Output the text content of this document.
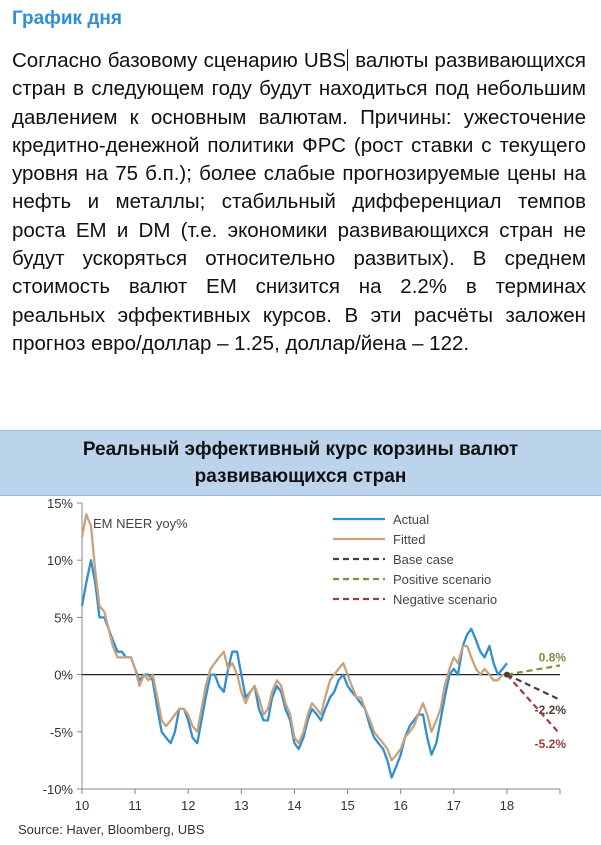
График дня
Согласно базовому сценарию UBS валюты развивающихся стран в следующем году будут находиться под небольшим давлением к основным валютам. Причины: ужесточение кредитно-денежной политики ФРС (рост ставки с текущего уровня на 75 б.п.); более слабые прогнозируемые цены на нефть и металлы; стабильный дифференциал темпов роста EM и DM (т.е. экономики развивающихся стран не будут ускоряться относительно развитых). В среднем стоимость валют EM снизится на 2.2% в терминах реальных эффективных курсов. В эти расчёты заложен прогноз евро/доллар – 1.25, доллар/йена – 122.
Реальный эффективный курс корзины валют
развивающихся стран
15%
10%
5%
0%
-5%
-10%
10	11	12	13	14	15	16	17	18
EM NEER yoy%
-2.2%
0.8%
-5.2%
Actual
Fitted
Base case
Positive scenario
Negative scenario
Source: Haver, Bloomberg, UBS
